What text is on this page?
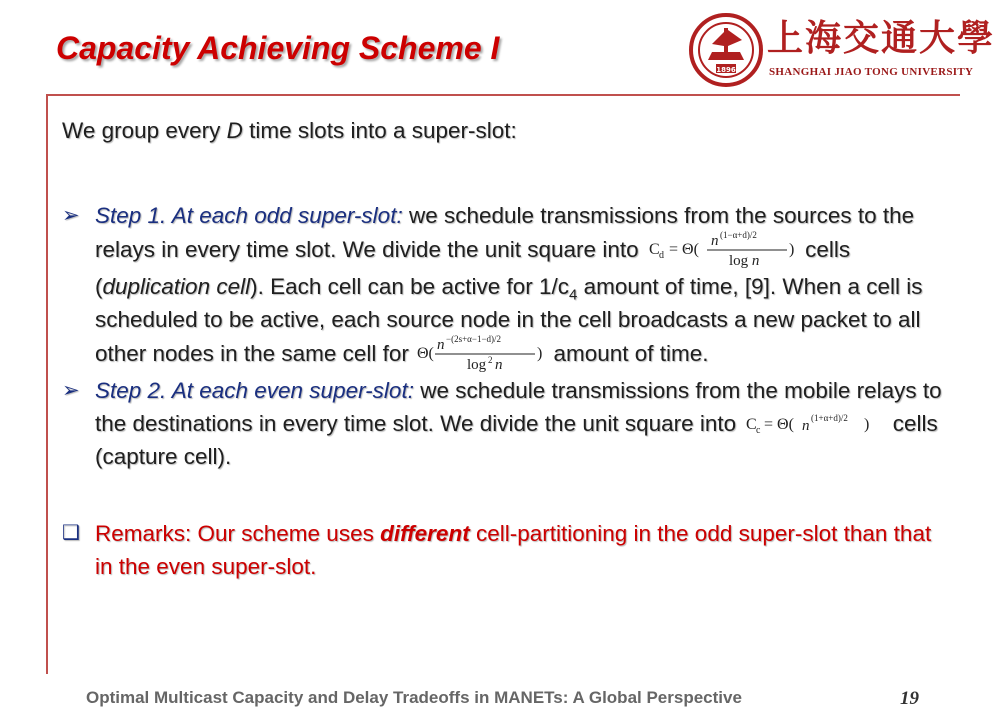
Capacity Achieving Scheme I
1896
上海交通大學
SHANGHAI JIAO TONG UNIVERSITY

We group every D time slots into a super-slot:

➢ Step 1. At each odd super-slot: we schedule transmissions from the sources to the relays in every time slot. We divide the unit square into C d = Θ( n (1−α+d)/2
log n
) cells (duplication cell). Each cell can be active for $1/c_4$ amount of time, [9]. When a cell is scheduled to be active, each source node in the cell broadcasts a new packet to all other nodes in the same cell for Θ( n −(2s+α−1−d)/2
log 2 n
) amount of time.
➢ Step 2. At each even super-slot: we schedule transmissions from the mobile relays to the destinations in every time slot. We divide the unit square into C c = Θ( n (1+α+d)/2 ) cells (capture cell).
❑ Remarks: Our scheme uses different cell-partitioning in the odd super-slot than that in the even super-slot.
Optimal Multicast Capacity and Delay Tradeoffs in MANETs: A Global Perspective	19
